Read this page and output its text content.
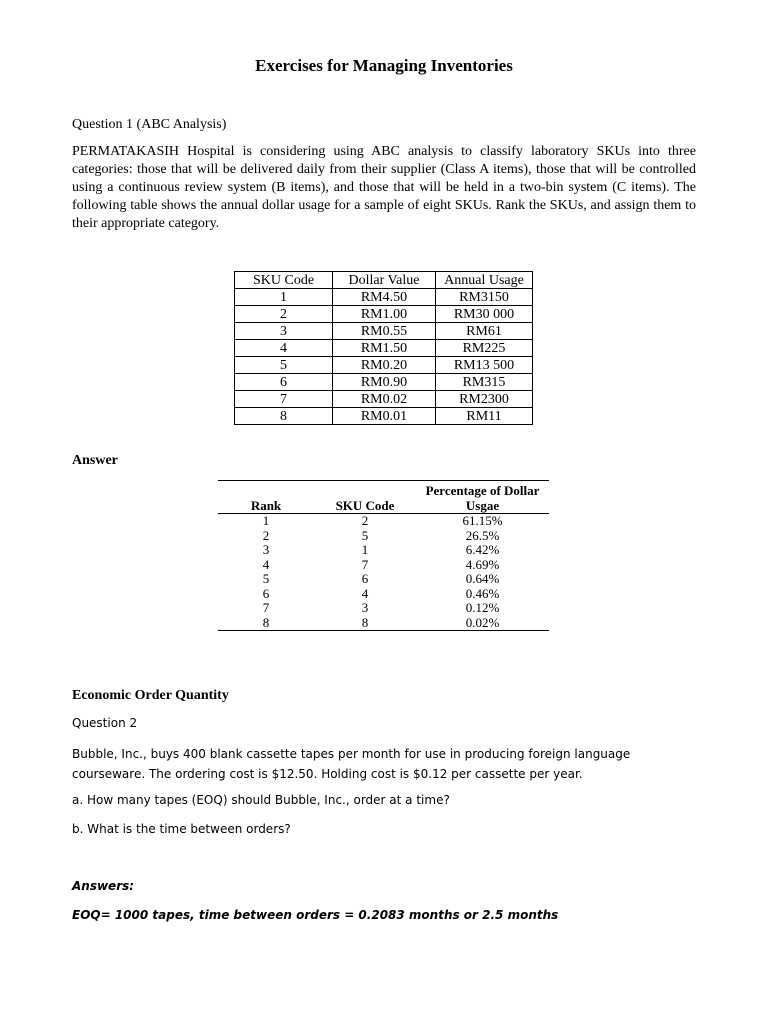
Exercises for Managing Inventories
Question 1 (ABC Analysis)
PERMATAKASIH Hospital is considering using ABC analysis to classify laboratory SKUs into three categories: those that will be delivered daily from their supplier (Class A items), those that will be controlled using a continuous review system (B items), and those that will be held in a two-bin system (C items). The following table shows the annual dollar usage for a sample of eight SKUs. Rank the SKUs, and assign them to their appropriate category.
SKU Code	Dollar Value	Annual Usage
1	RM4.50	RM3150
2	RM1.00	RM30 000
3	RM0.55	RM61
4	RM1.50	RM225
5	RM0.20	RM13 500
6	RM0.90	RM315
7	RM0.02	RM2300
8	RM0.01	RM11
Answer
Rank	SKU Code	Percentage of Dollar Usgae
1	2	61.15%
2	5	26.5%
3	1	6.42%
4	7	4.69%
5	6	0.64%
6	4	0.46%
7	3	0.12%
8	8	0.02%
Economic Order Quantity
Question 2
Bubble, Inc., buys 400 blank cassette tapes per month for use in producing foreign language courseware. The ordering cost is $12.50. Holding cost is $0.12 per cassette per year.
a. How many tapes (EOQ) should Bubble, Inc., order at a time?
b. What is the time between orders?
Answers:
EOQ= 1000 tapes, time between orders = 0.2083 months or 2.5 months
